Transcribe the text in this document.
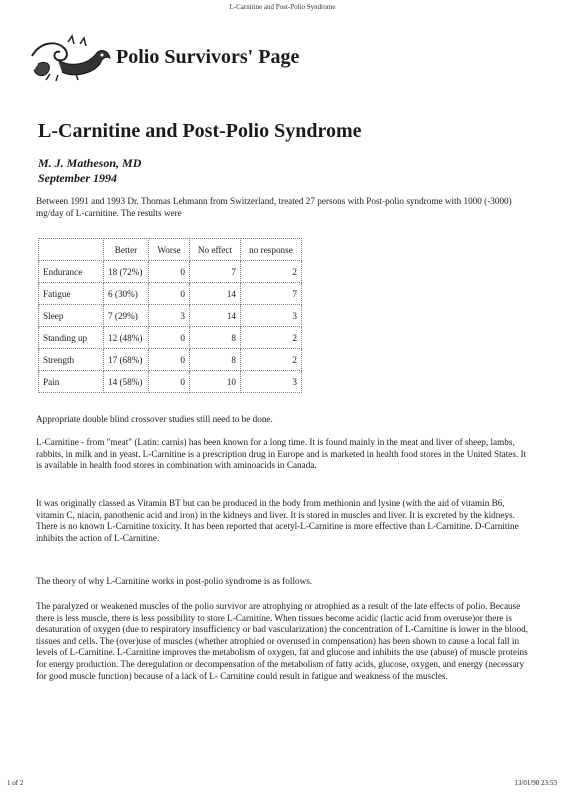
L-Carnitine and Post-Polio Syndrome
Polio Survivors' Page
L-Carnitine and Post-Polio Syndrome
M. J. Matheson, MD
September 1994

Between 1991 and 1993 Dr. Thomas Lehmann from Switzerland, treated 27 persons with Post-polio syndrome with 1000 (-3000) mg/day of L-carnitine. The results were

	Better	Worse	No effect	no response
Endurance	18 (72%)	0	7	2
Fatigue	6 (30%)	0	14	7
Sleep	7 (29%)	3	14	3
Standing up	12 (48%)	0	8	2
Strength	17 (68%)	0	8	2
Pain	14 (58%)	0	10	3

Appropriate double blind crossover studies still need to be done.

L-Carnitine - from "meat" (Latin: carnis) has been known for a long time. It is found mainly in the meat and liver of sheep, lambs, rabbits, in milk and in yeast. L-Carnitine is a prescription drug in Europe and is marketed in health food stores in the United States. It is available in health food stores in combination with aminoacids in Canada.

It was originally classed as Vitamin BT but can be produced in the body from methionin and lysine (with the aid of vitamin B6, vitamin C, niacin, panothenic acid and iron) in the kidneys and liver. It is stored in muscles and liver. It is excreted by the kidneys. There is no known L-Carnitine toxicity. It has been reported that acetyl-L-Carnitine is more effective than L-Carnitine. D-Carnitine inhibits the action of L-Carnitine.

The theory of why L-Carnitine works in post-polio syndrome is as follows.

The paralyzed or weakened muscles of the polio survivor are atrophying or atrophied as a result of the late effects of polio. Because there is less muscle, there is less possibility to store L-Carnitine. When tissues become acidic (lactic acid from overuse)or there is desaturation of oxygen (due to respiratory insufficiency or bad vascularization) the concentration of L-Carnitine is lower in the blood, tissues and cells. The (over)use of muscles (whether atrophied or overused in compensation) has been shown to cause a local fall in levels of L-Carnitine. L-Carnitine improves the metabolism of oxygen, fat and glucose and inhibits the use (abuse) of muscle proteins for energy production. The deregulation or decompensation of the metabolism of fatty acids, glucose, oxygen, and energy (necessary for good muscle function) because of a lack of L- Carnitine could result in fatigue and weakness of the muscles.

1 of 2	13/01/98 23:53
